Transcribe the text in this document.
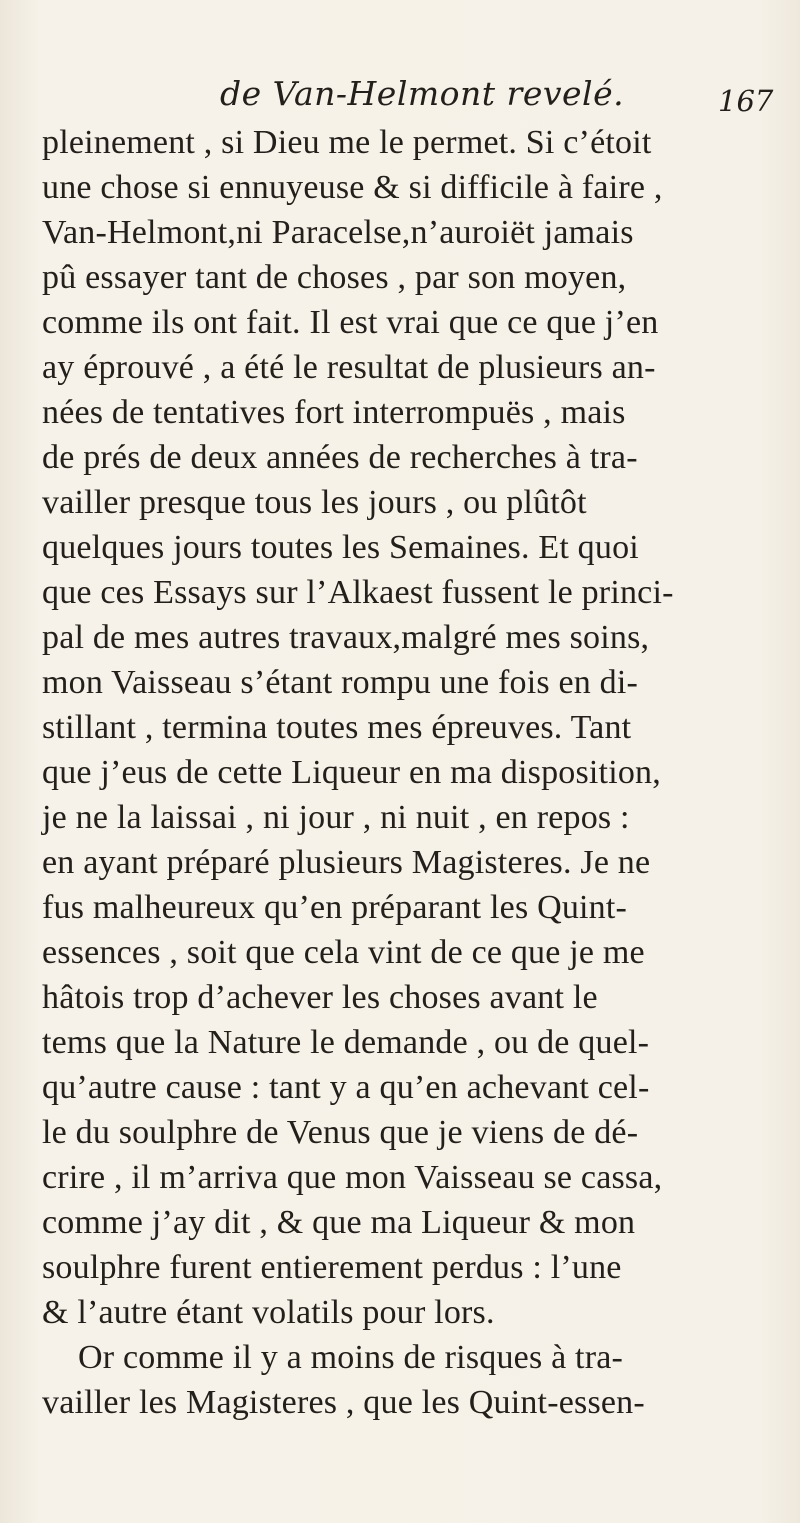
de Van-Helmont revelé.	167
pleinement , si Dieu me le permet. Si c’étoit
une chose si ennuyeuse & si difficile à faire ,
Van-Helmont,ni Paracelse,n’auroiët jamais
pû essayer tant de choses , par son moyen,
comme ils ont fait. Il est vrai que ce que j’en
ay éprouvé , a été le resultat de plusieurs an-
nées de tentatives fort interrompuës , mais
de prés de deux années de recherches à tra-
vailler presque tous les jours , ou plûtôt
quelques jours toutes les Semaines. Et quoi
que ces Essays sur l’Alkaest fussent le princi-
pal de mes autres travaux,malgré mes soins,
mon Vaisseau s’étant rompu une fois en di-
stillant , termina toutes mes épreuves. Tant
que j’eus de cette Liqueur en ma disposition,
je ne la laissai , ni jour , ni nuit , en repos :
en ayant préparé plusieurs Magisteres. Je ne
fus malheureux qu’en préparant les Quint-
essences , soit que cela vint de ce que je me
hâtois trop d’achever les choses avant le
tems que la Nature le demande , ou de quel-
qu’autre cause : tant y a qu’en achevant cel-
le du soulphre de Venus que je viens de dé-
crire , il m’arriva que mon Vaisseau se cassa,
comme j’ay dit , & que ma Liqueur & mon
soulphre furent entierement perdus : l’une
& l’autre étant volatils pour lors.
Or comme il y a moins de risques à tra-
vailler les Magisteres , que les Quint-essen-
